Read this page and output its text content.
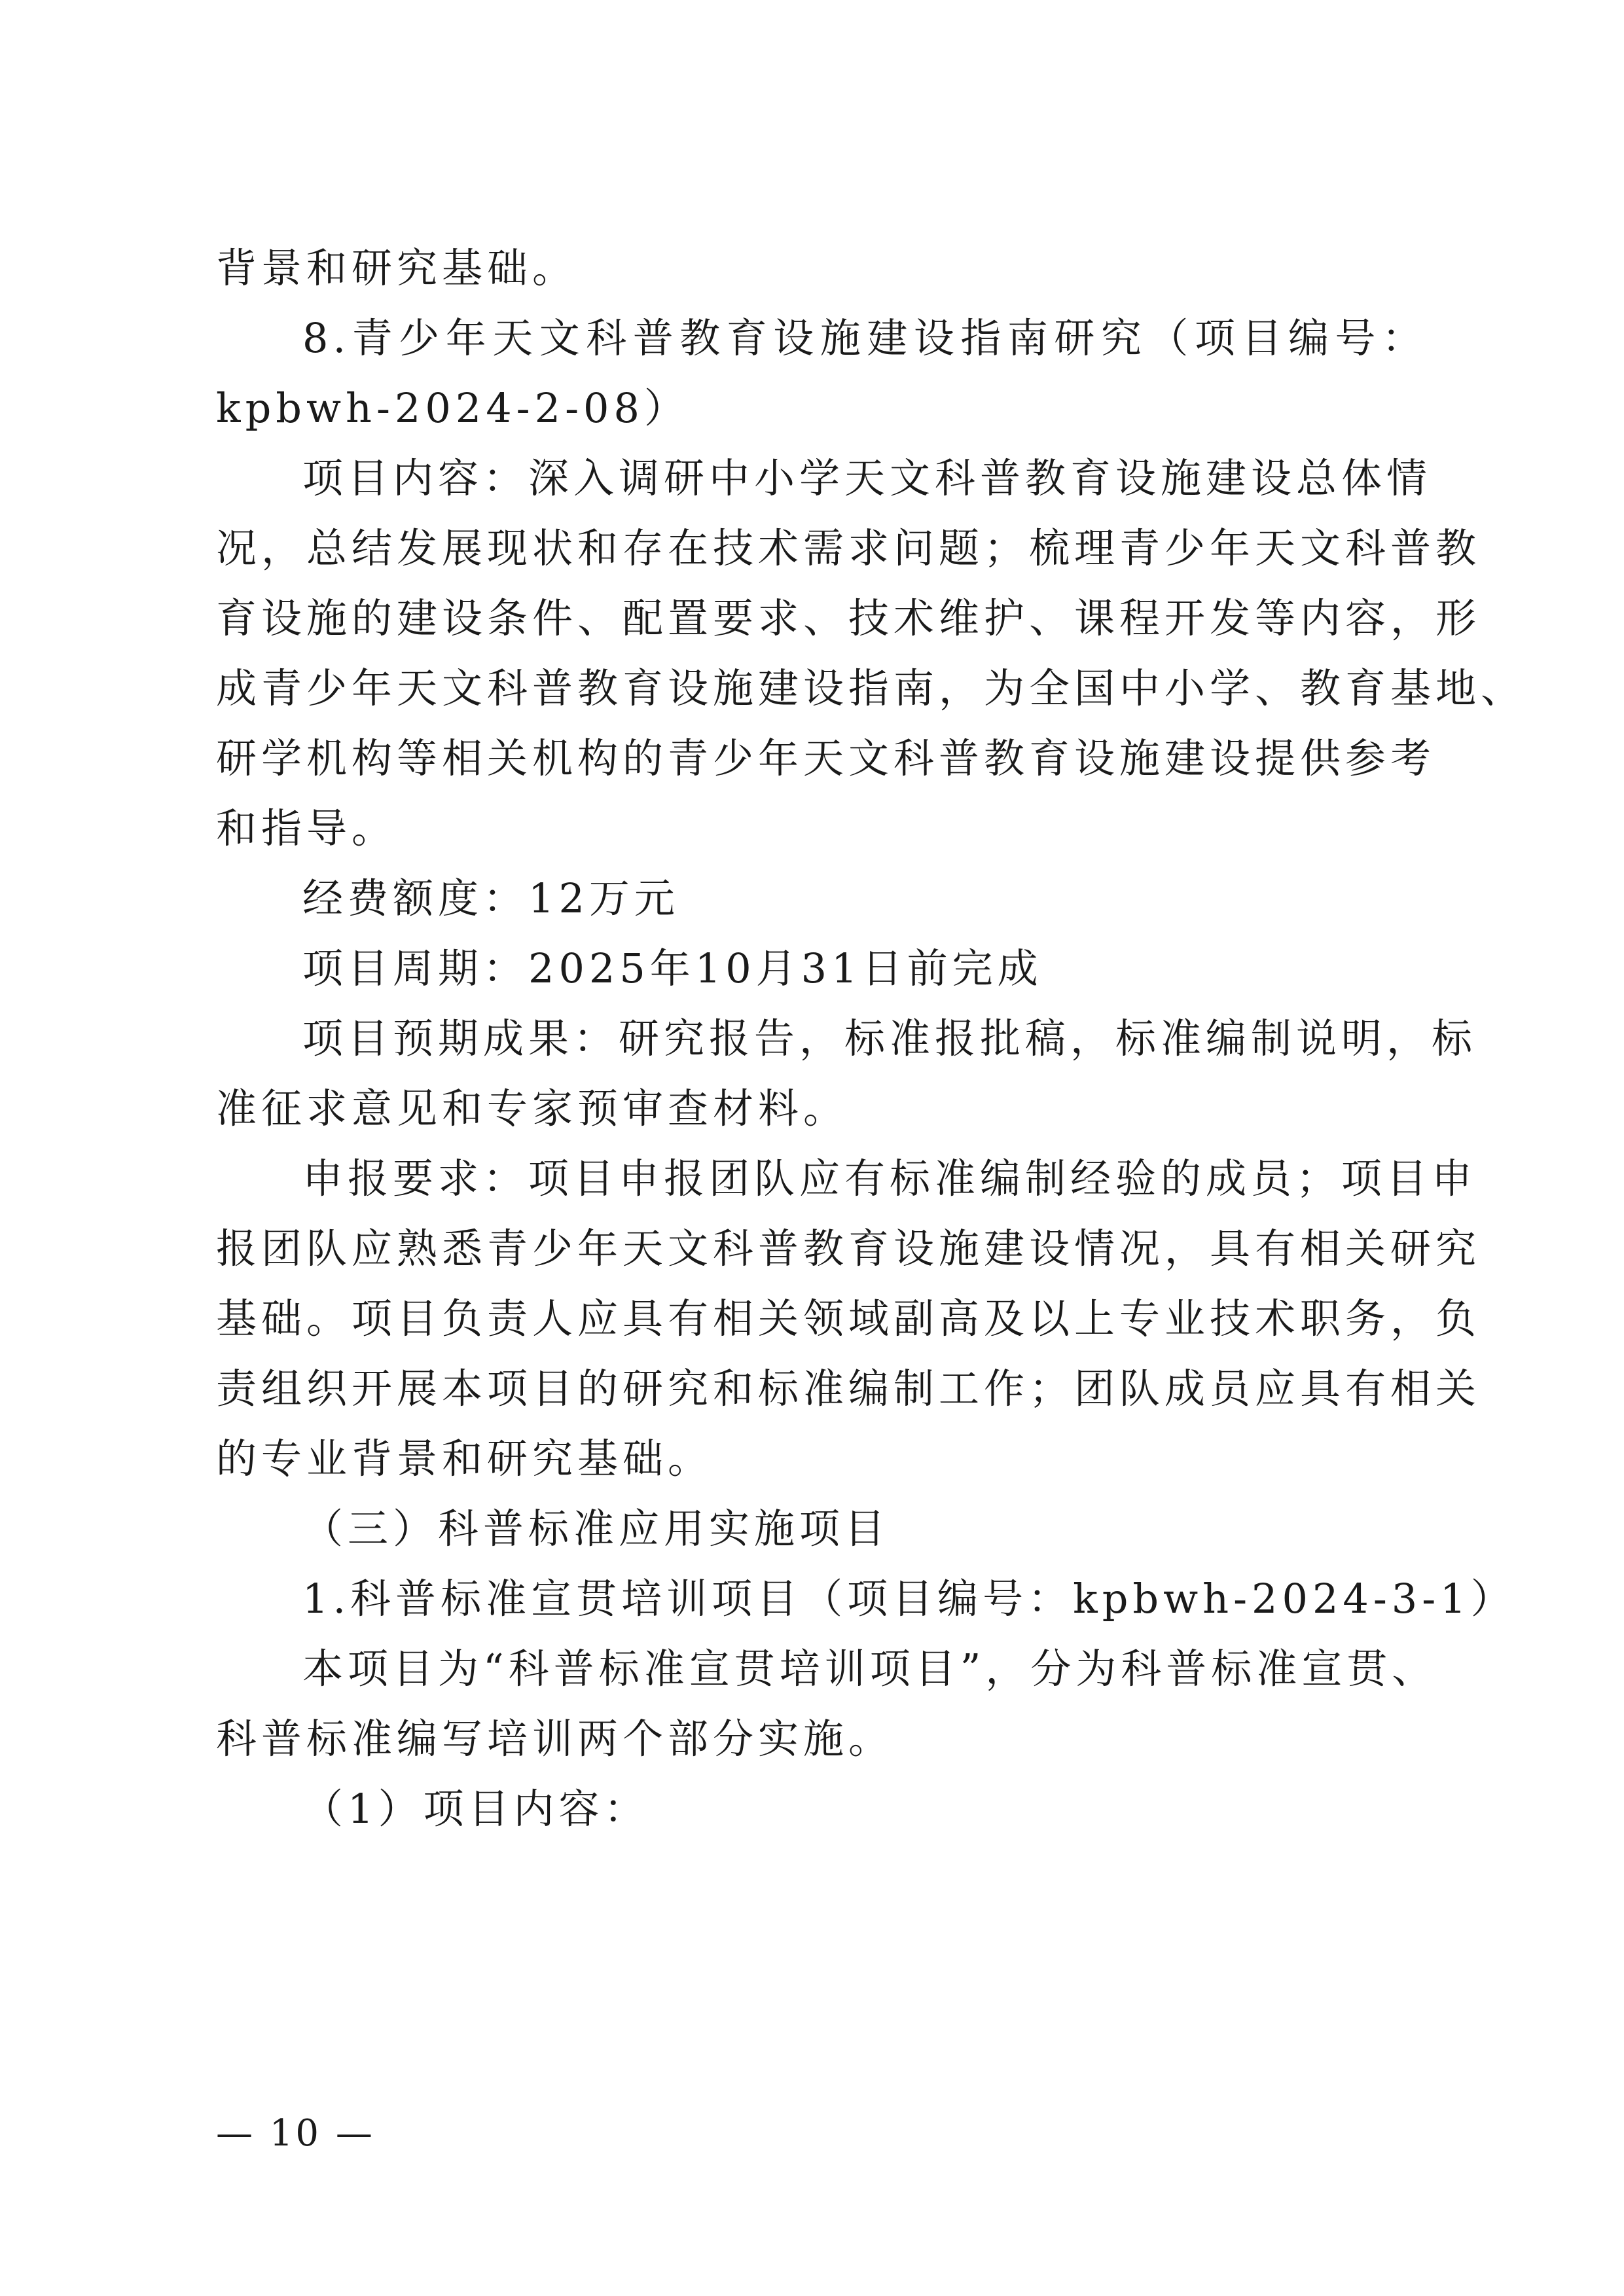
背景和研究基础。
8.青少年天文科普教育设施建设指南研究（项目编号：
kpbwh-2024-2-08）
项目内容：深入调研中小学天文科普教育设施建设总体情
况，总结发展现状和存在技术需求问题；梳理青少年天文科普教
育设施的建设条件、配置要求、技术维护、课程开发等内容，形
成青少年天文科普教育设施建设指南，为全国中小学、教育基地、
研学机构等相关机构的青少年天文科普教育设施建设提供参考
和指导。
经费额度：12万元
项目周期：2025年10月31日前完成
项目预期成果：研究报告，标准报批稿，标准编制说明，标
准征求意见和专家预审查材料。
申报要求：项目申报团队应有标准编制经验的成员；项目申
报团队应熟悉青少年天文科普教育设施建设情况，具有相关研究
基础。项目负责人应具有相关领域副高及以上专业技术职务，负
责组织开展本项目的研究和标准编制工作；团队成员应具有相关
的专业背景和研究基础。
（三）科普标准应用实施项目
1.科普标准宣贯培训项目（项目编号：kpbwh-2024-3-1）
本项目为“科普标准宣贯培训项目”，分为科普标准宣贯、
科普标准编写培训两个部分实施。
（1）项目内容：
— 10 —
